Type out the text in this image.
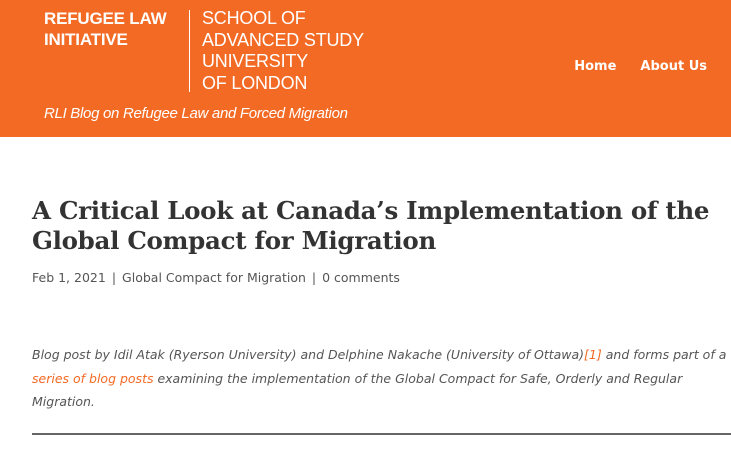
REFUGEE LAW
INITIATIVE
SCHOOL OF
ADVANCED STUDY
UNIVERSITY
OF LONDON
RLI Blog on Refugee Law and Forced Migration
Home About Us
A Critical Look at Canada’s Implementation of the Global Compact for Migration
Feb 1, 2021 | Global Compact for Migration | 0 comments

Blog post by Idil Atak (Ryerson University) and Delphine Nakache (University of Ottawa)[1] and forms part of a series of blog posts examining the implementation of the Global Compact for Safe, Orderly and Regular Migration.
